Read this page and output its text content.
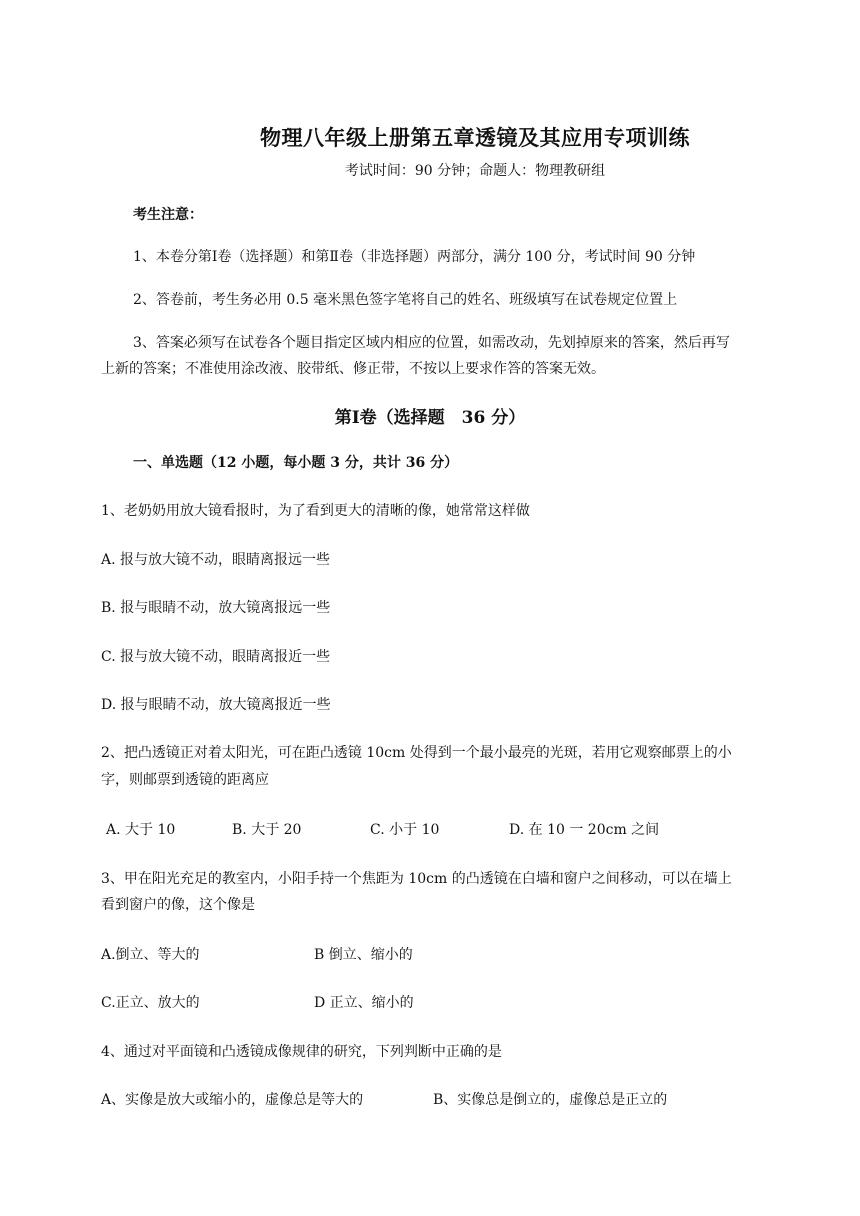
物理八年级上册第五章透镜及其应用专项训练
考试时间：90 分钟；命题人：物理教研组
考生注意：
1、本卷分第Ⅰ卷（选择题）和第Ⅱ卷（非选择题）两部分，满分 100 分，考试时间 90 分钟
2、答卷前，考生务必用 0.5 毫米黑色签字笔将自己的姓名、班级填写在试卷规定位置上
3、答案必须写在试卷各个题目指定区域内相应的位置，如需改动，先划掉原来的答案，然后再写
上新的答案；不准使用涂改液、胶带纸、修正带，不按以上要求作答的答案无效。
第Ⅰ卷（选择题　36 分）
一、单选题（12 小题，每小题 3 分，共计 36 分）
1、老奶奶用放大镜看报时，为了看到更大的清晰的像，她常常这样做
A. 报与放大镜不动，眼睛离报远一些
B. 报与眼睛不动，放大镜离报远一些
C. 报与放大镜不动，眼睛离报近一些
D. 报与眼睛不动，放大镜离报近一些
2、把凸透镜正对着太阳光，可在距凸透镜 10cm 处得到一个最小最亮的光斑，若用它观察邮票上的小
字，则邮票到透镜的距离应
A. 大于 10	B. 大于 20	C. 小于 10	D. 在 10 一 20cm 之间
3、甲在阳光充足的教室内，小阳手持一个焦距为 10cm 的凸透镜在白墙和窗户之间移动，可以在墙上
看到窗户的像，这个像是
A.倒立、等大的	B 倒立、缩小的
C.正立、放大的	D 正立、缩小的
4、通过对平面镜和凸透镜成像规律的研究，下列判断中正确的是
A、实像是放大或缩小的，虚像总是等大的	B、实像总是倒立的，虚像总是正立的
